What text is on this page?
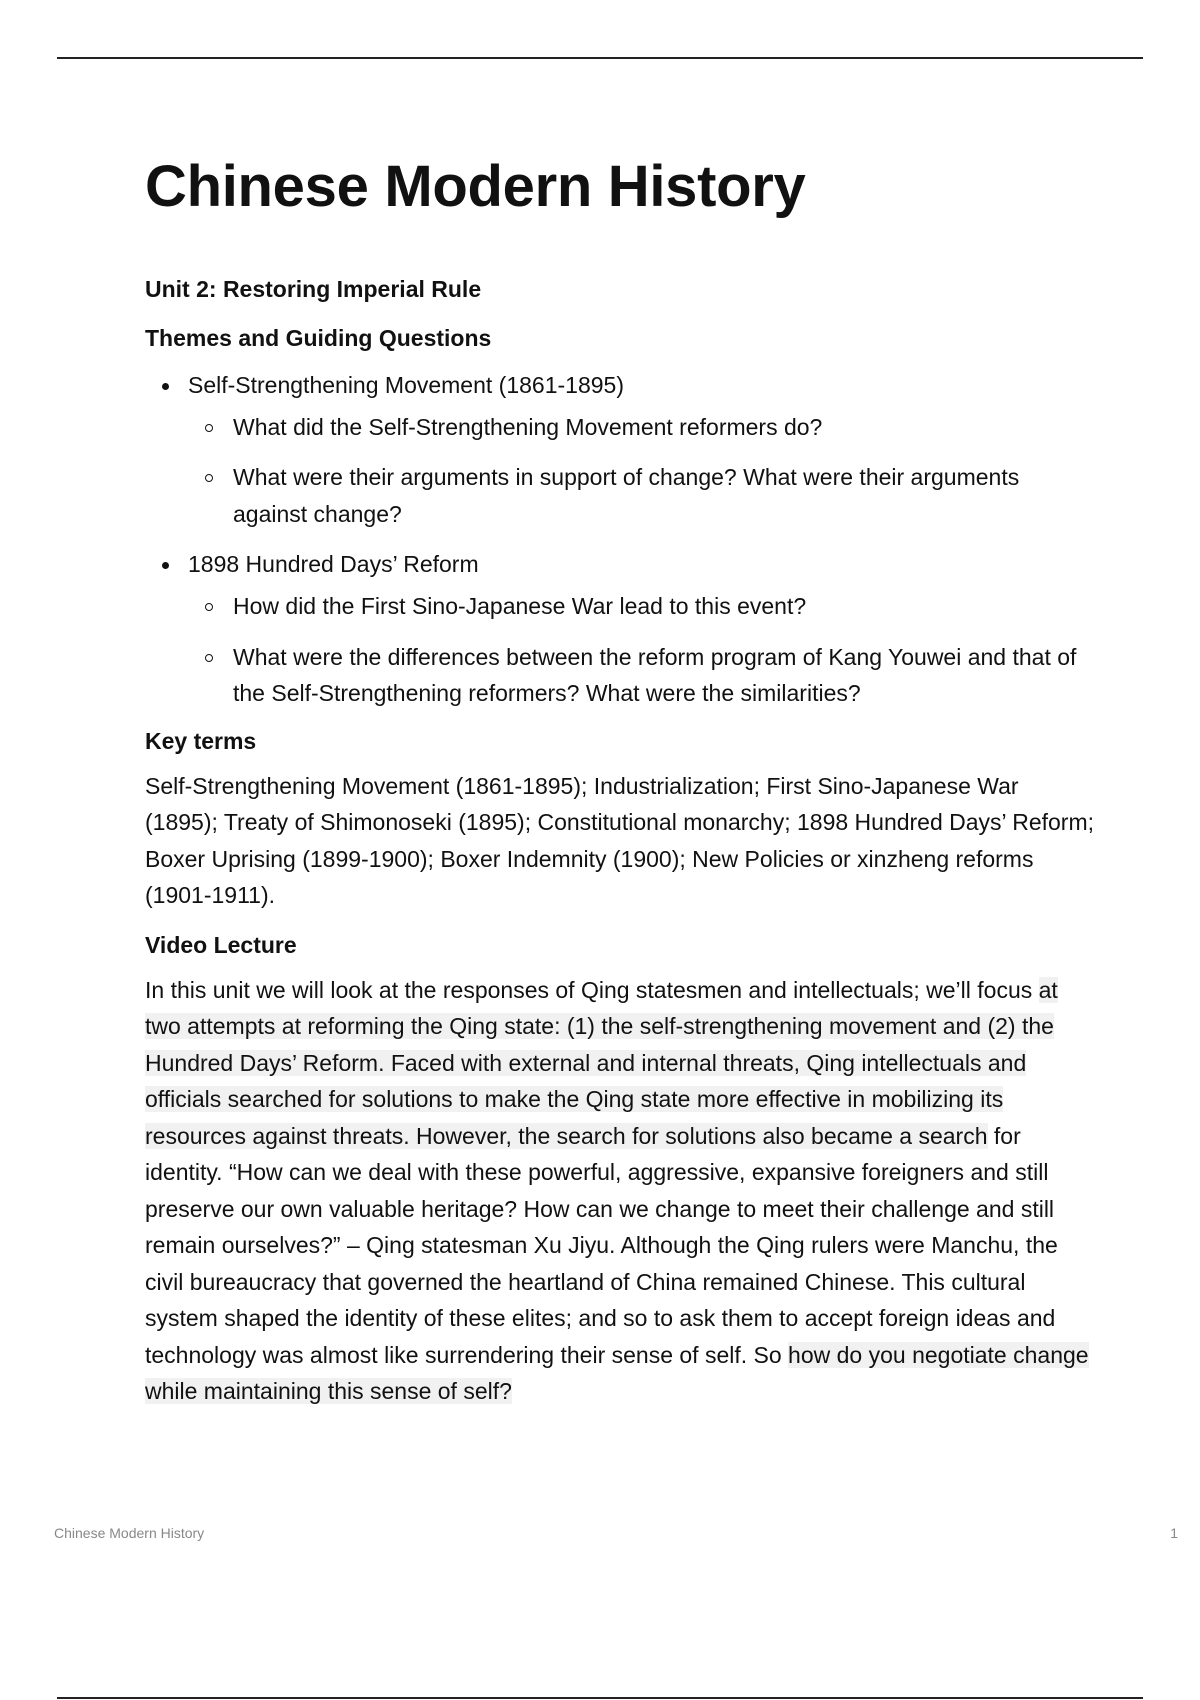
Chinese Modern History

Unit 2: Restoring Imperial Rule

Themes and Guiding Questions

Self-Strengthening Movement (1861-1895)
What did the Self-Strengthening Movement reformers do?
What were their arguments in support of change? What were their arguments against change?
1898 Hundred Days’ Reform
How did the First Sino-Japanese War lead to this event?
What were the differences between the reform program of Kang Youwei and that of the Self-Strengthening reformers? What were the similarities?

Key terms

Self-Strengthening Movement (1861-1895); Industrialization; First Sino-Japanese War (1895); Treaty of Shimonoseki (1895); Constitutional monarchy; 1898 Hundred Days’ Reform; Boxer Uprising (1899-1900); Boxer Indemnity (1900); New Policies or xinzheng reforms (1901-1911).

Video Lecture

In this unit we will look at the responses of Qing statesmen and intellectuals; we’ll focus at two attempts at reforming the Qing state: (1) the self-strengthening movement and (2) the Hundred Days’ Reform. Faced with external and internal threats, Qing intellectuals and officials searched for solutions to make the Qing state more effective in mobilizing its resources against threats. However, the search for solutions also became a search for identity. “How can we deal with these powerful, aggressive, expansive foreigners and still preserve our own valuable heritage? How can we change to meet their challenge and still remain ourselves?” – Qing statesman Xu Jiyu. Although the Qing rulers were Manchu, the civil bureaucracy that governed the heartland of China remained Chinese. This cultural system shaped the identity of these elites; and so to ask them to accept foreign ideas and technology was almost like surrendering their sense of self. So how do you negotiate change while maintaining this sense of self?

Chinese Modern History	1
